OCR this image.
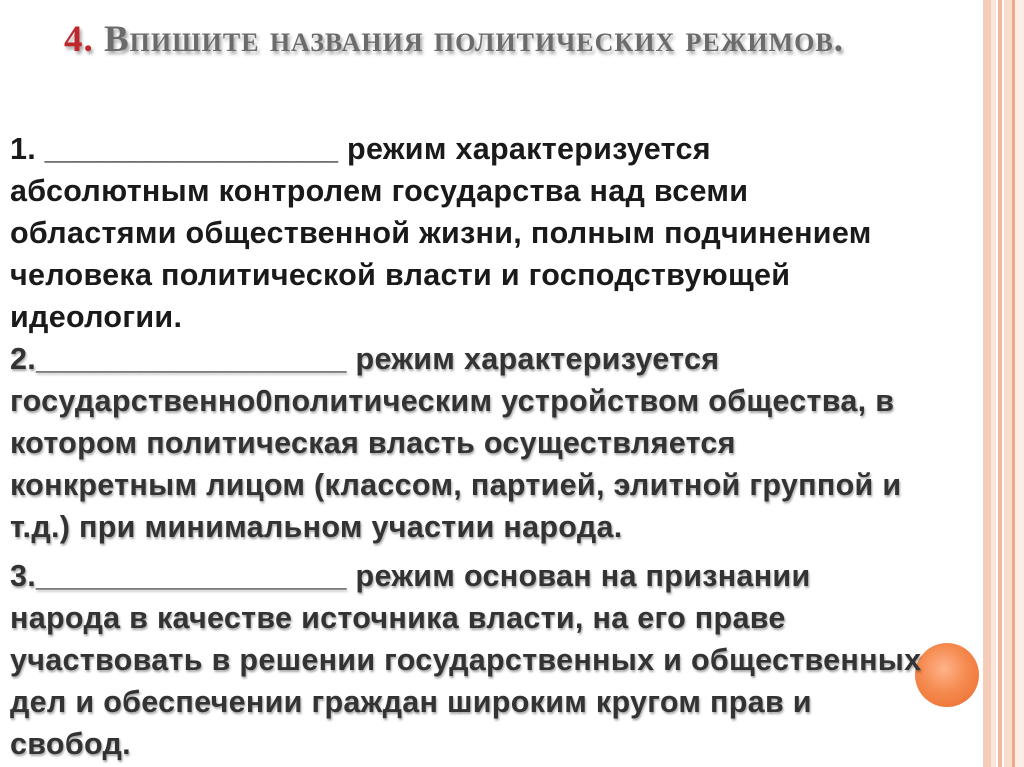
4. Впишите названия политических режимов.
1. _________________ режим характеризуется
абсолютным контролем государства над всеми
областями общественной жизни, полным подчинением
человека политической власти и господствующей
идеологии.
2.__________________ режим характеризуется
государственно0политическим устройством общества, в
котором политическая власть осуществляется
конкретным лицом (классом, партией, элитной группой и
т.д.) при минимальном участии народа.
3.__________________ режим основан на признании
народа в качестве источника власти, на его праве
участвовать в решении государственных и общественных
дел и обеспечении граждан широким кругом прав и
свобод.
